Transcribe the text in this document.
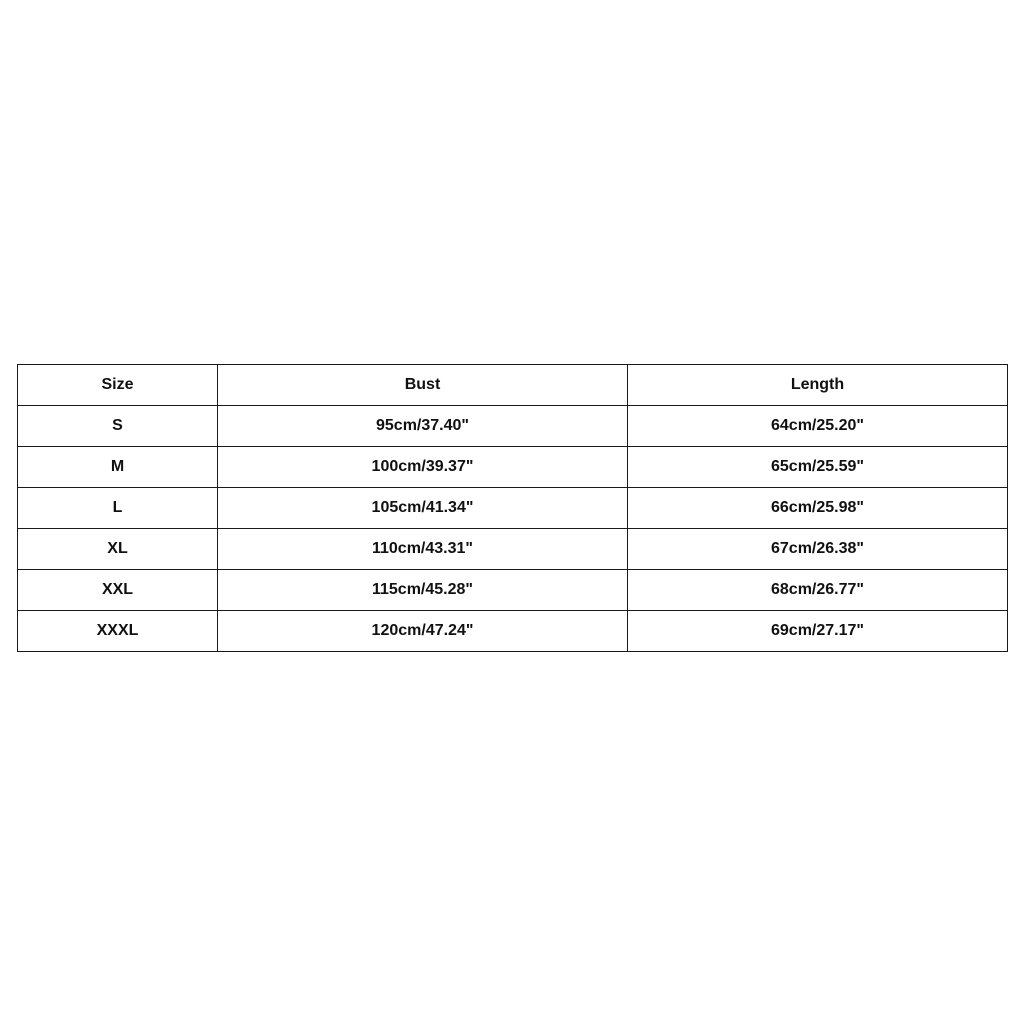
Size	Bust	Length
S	95cm/37.40"	64cm/25.20"
M	100cm/39.37"	65cm/25.59"
L	105cm/41.34"	66cm/25.98"
XL	110cm/43.31"	67cm/26.38"
XXL	115cm/45.28"	68cm/26.77"
XXXL	120cm/47.24"	69cm/27.17"
